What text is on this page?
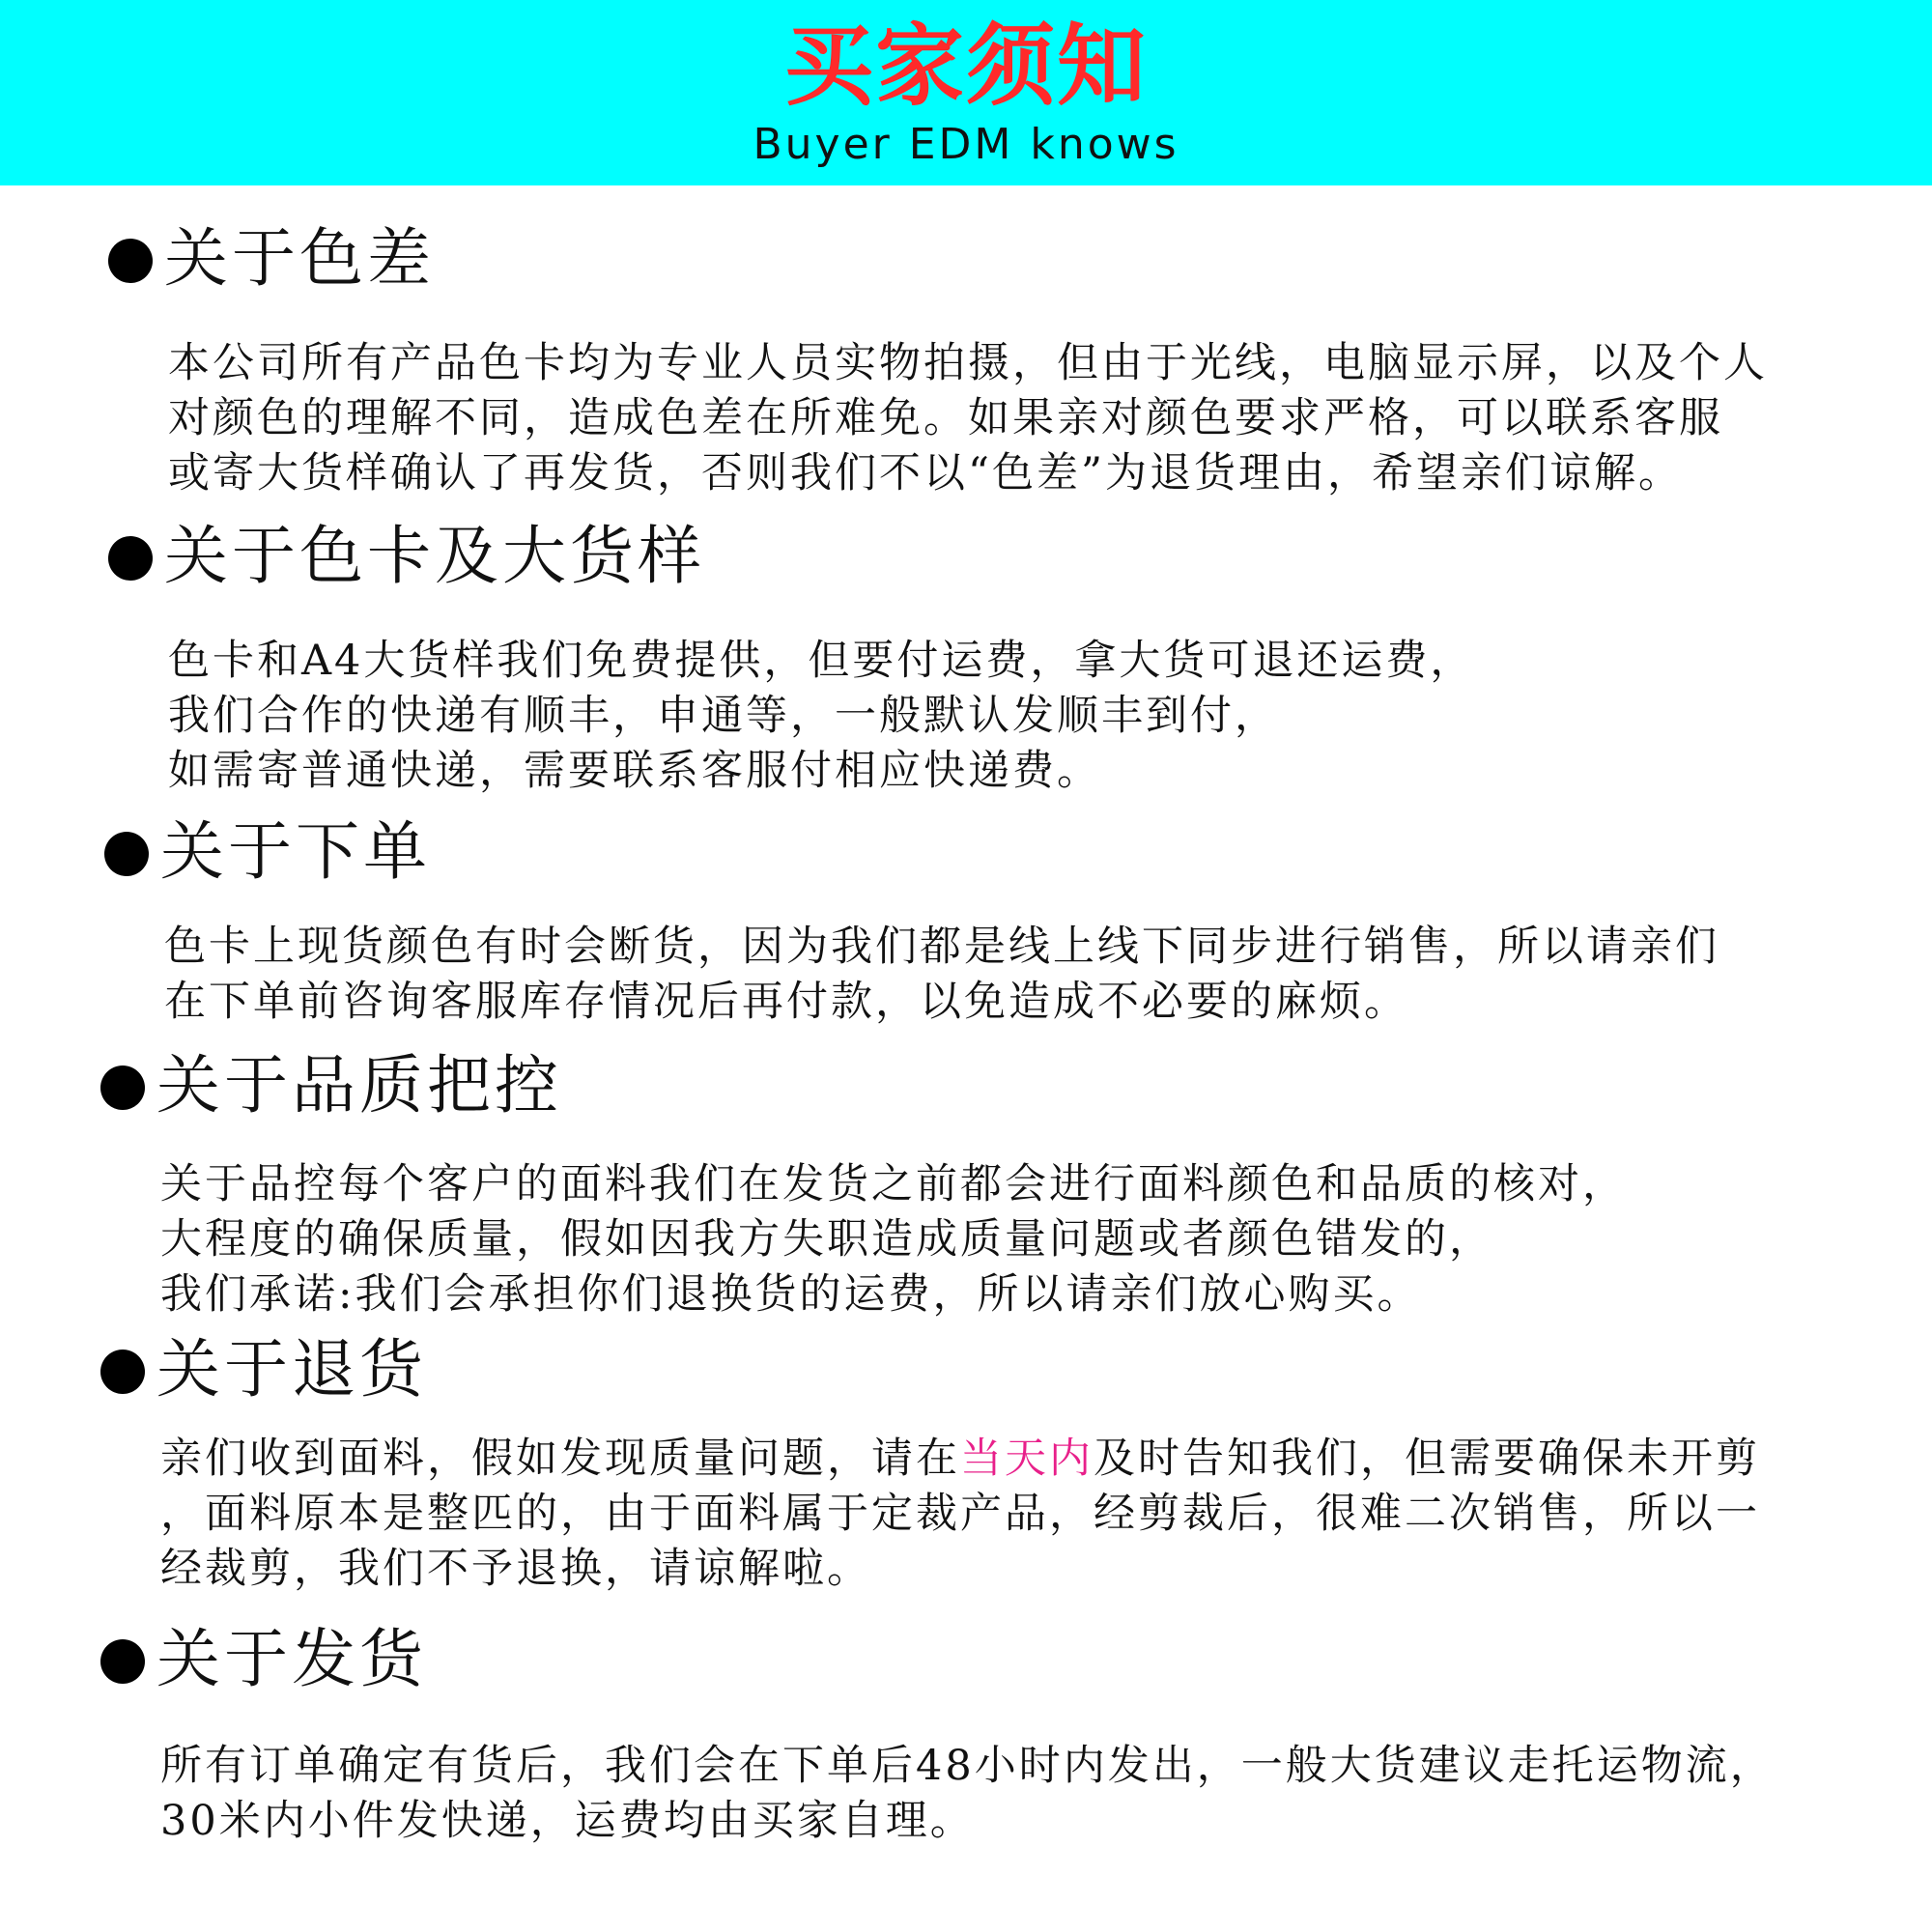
买家须知
Buyer EDM knows
关于色差
本公司所有产品色卡均为专业人员实物拍摄，但由于光线，电脑显示屏，以及个人
对颜色的理解不同，造成色差在所难免。如果亲对颜色要求严格，可以联系客服
或寄大货样确认了再发货，否则我们不以“色差”为退货理由，希望亲们谅解。
关于色卡及大货样
色卡和A4大货样我们免费提供，但要付运费，拿大货可退还运费，
我们合作的快递有顺丰，申通等，一般默认发顺丰到付，
如需寄普通快递，需要联系客服付相应快递费。
关于下单
色卡上现货颜色有时会断货，因为我们都是线上线下同步进行销售，所以请亲们
在下单前咨询客服库存情况后再付款，以免造成不必要的麻烦。
关于品质把控
关于品控每个客户的面料我们在发货之前都会进行面料颜色和品质的核对，
大程度的确保质量，假如因我方失职造成质量问题或者颜色错发的，
我们承诺:我们会承担你们退换货的运费，所以请亲们放心购买。
关于退货
亲们收到面料，假如发现质量问题，请在当天内及时告知我们，但需要确保未开剪
，面料原本是整匹的，由于面料属于定裁产品，经剪裁后，很难二次销售，所以一
经裁剪，我们不予退换，请谅解啦。
关于发货
所有订单确定有货后，我们会在下单后48小时内发出，一般大货建议走托运物流，
30米内小件发快递，运费均由买家自理。
